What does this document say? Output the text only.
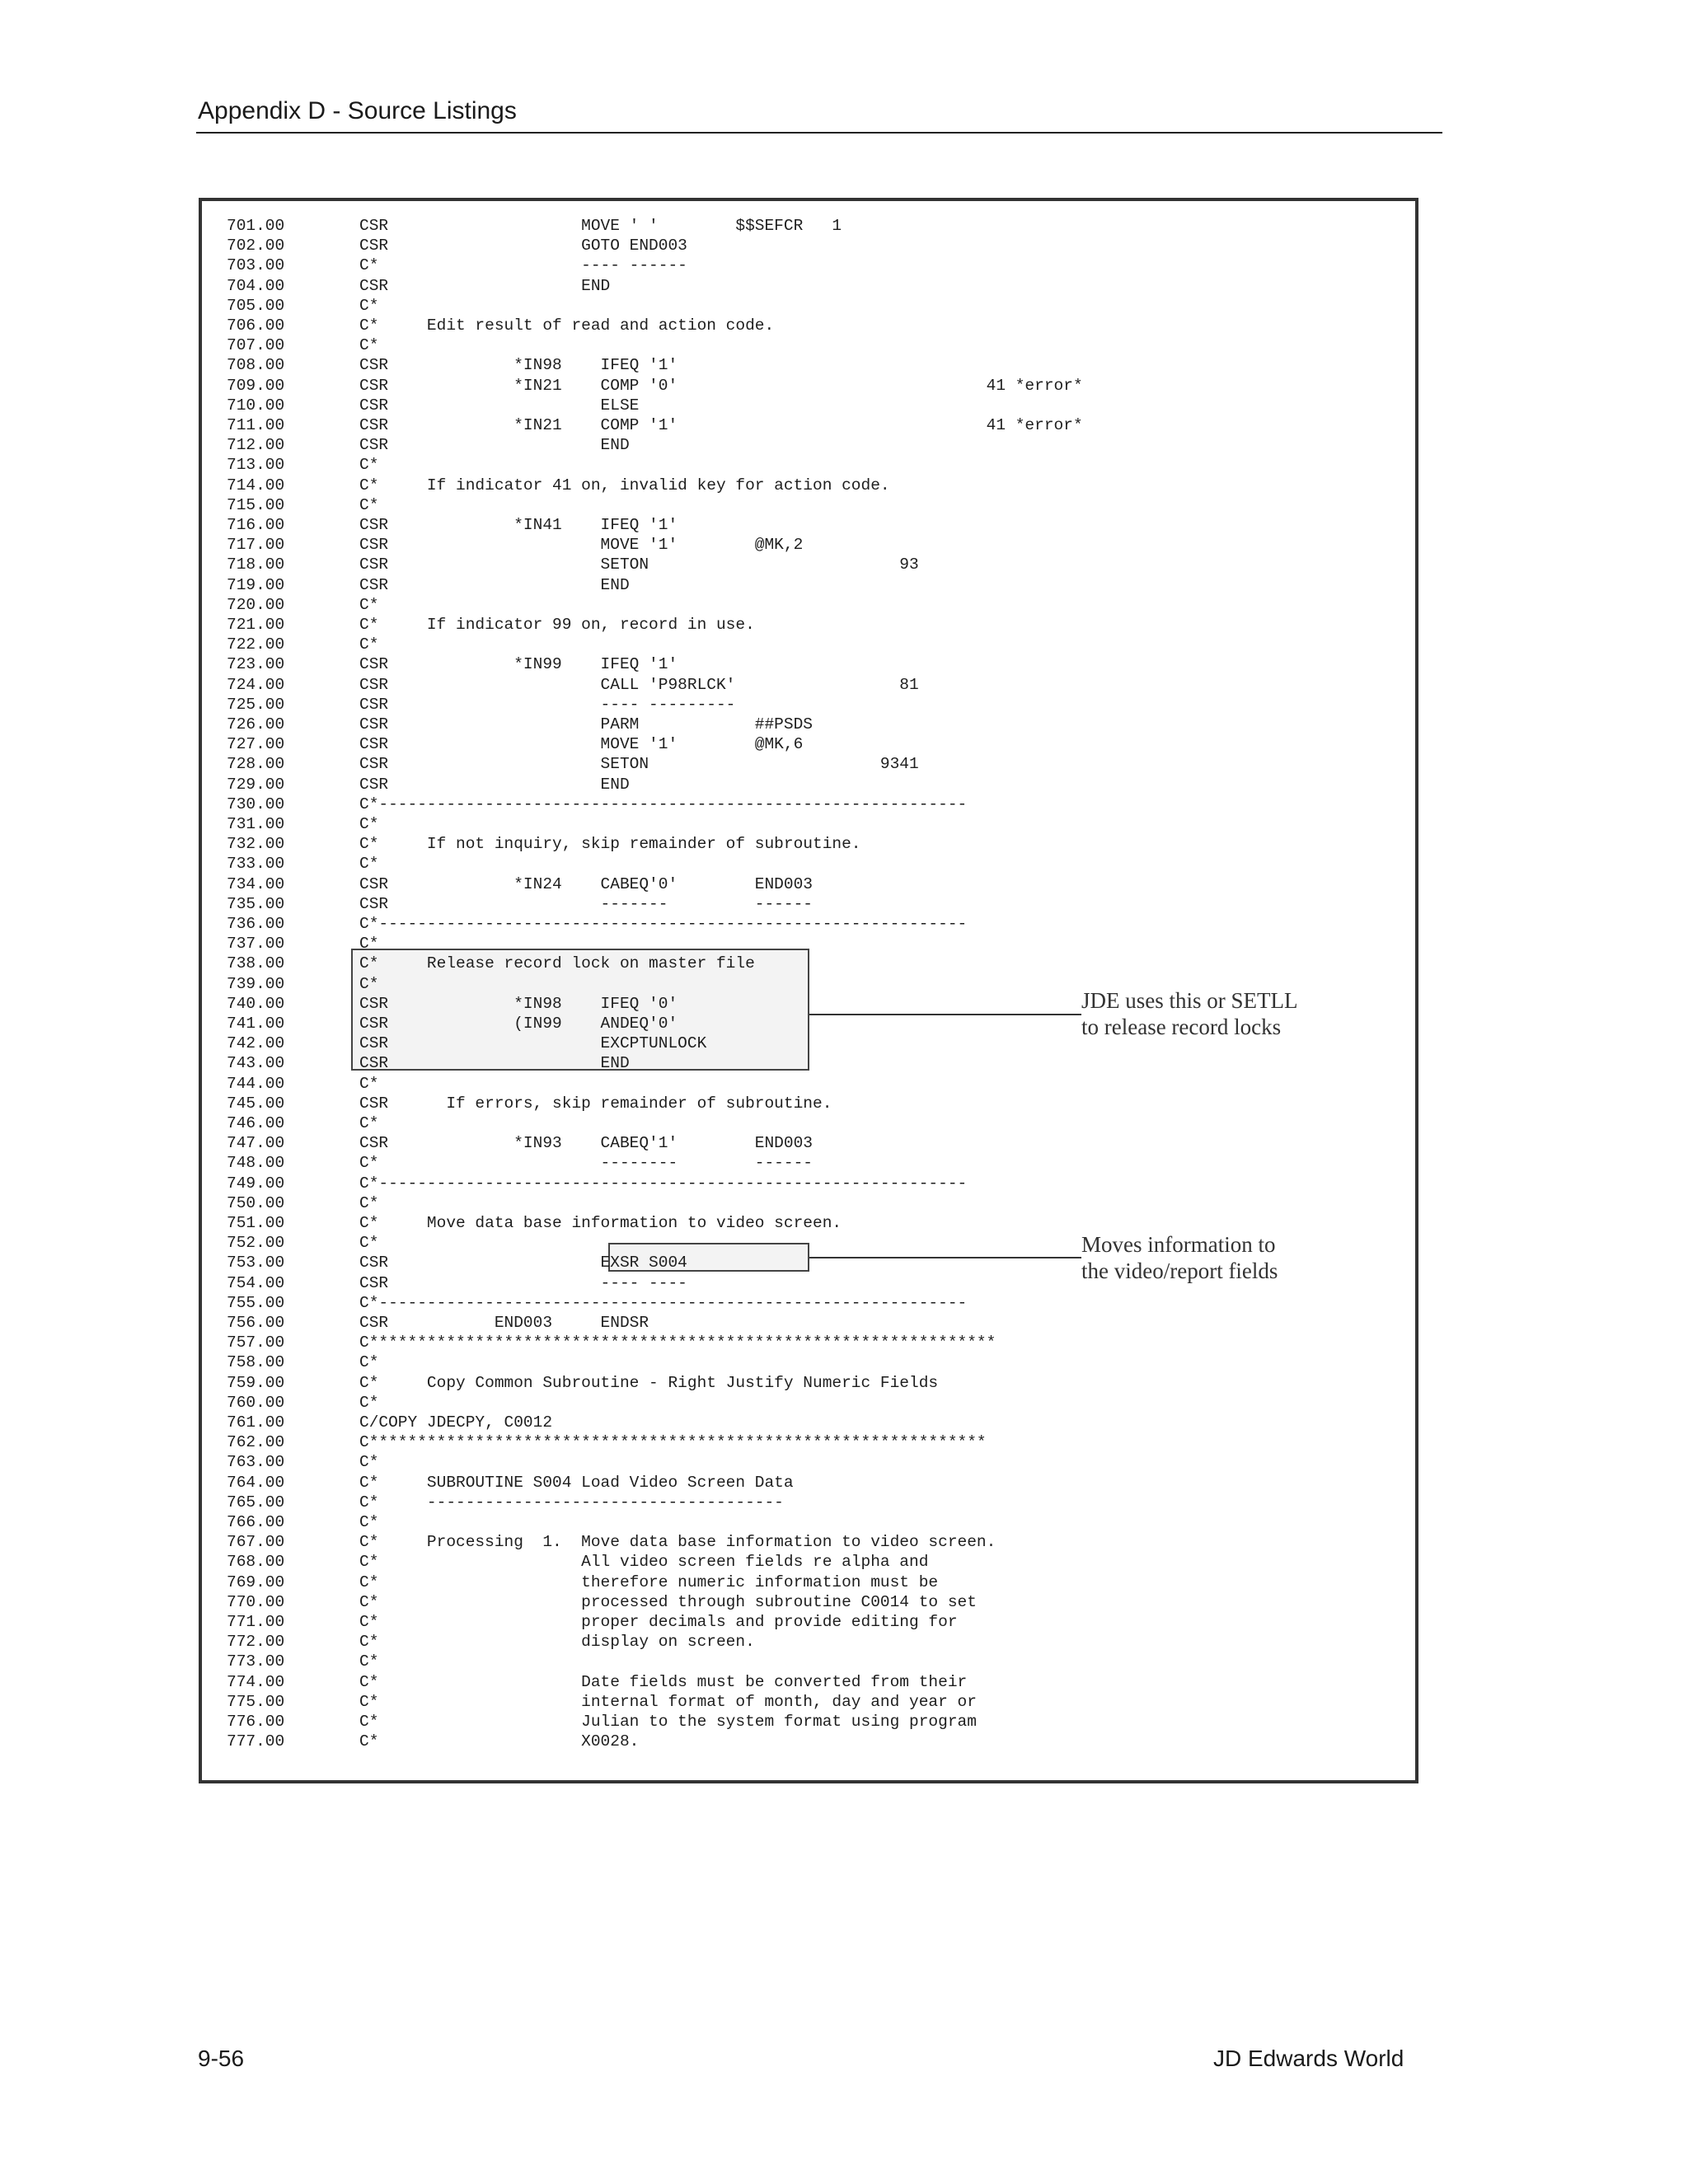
Appendix D - Source Listings
701.00	CSR                    MOVE ' '        $$SEFCR   1
702.00	CSR                    GOTO END003
703.00	C*                     ---- ------
704.00	CSR                    END
705.00	C*
706.00	C*     Edit result of read and action code.
707.00	C*
708.00	CSR             *IN98    IFEQ '1'
709.00	CSR             *IN21    COMP '0'                                41 *error*
710.00	CSR                      ELSE
711.00	CSR             *IN21    COMP '1'                                41 *error*
712.00	CSR                      END
713.00	C*
714.00	C*     If indicator 41 on, invalid key for action code.
715.00	C*
716.00	CSR             *IN41    IFEQ '1'
717.00	CSR                      MOVE '1'        @MK,2
718.00	CSR                      SETON                          93
719.00	CSR                      END
720.00	C*
721.00	C*     If indicator 99 on, record in use.
722.00	C*
723.00	CSR             *IN99    IFEQ '1'
724.00	CSR                      CALL 'P98RLCK'                 81
725.00	CSR                      ---- ---------
726.00	CSR                      PARM            ##PSDS
727.00	CSR                      MOVE '1'        @MK,6
728.00	CSR                      SETON                        9341
729.00	CSR                      END
730.00	C*-------------------------------------------------------------
731.00	C*
732.00	C*     If not inquiry, skip remainder of subroutine.
733.00	C*
734.00	CSR             *IN24    CABEQ'0'        END003
735.00	CSR                      -------         ------
736.00	C*-------------------------------------------------------------
737.00	C*
738.00	C*     Release record lock on master file
739.00	C*
740.00	CSR             *IN98    IFEQ '0'
741.00	CSR             (IN99    ANDEQ'0'
742.00	CSR                      EXCPTUNLOCK
743.00	CSR                      END
744.00	C*
745.00	CSR      If errors, skip remainder of subroutine.
746.00	C*
747.00	CSR             *IN93    CABEQ'1'        END003
748.00	C*                       --------        ------
749.00	C*-------------------------------------------------------------
750.00	C*
751.00	C*     Move data base information to video screen.
752.00	C*
753.00	CSR                      EXSR S004
754.00	CSR                      ---- ----
755.00	C*-------------------------------------------------------------
756.00	CSR           END003     ENDSR
757.00	C*****************************************************************
758.00	C*
759.00	C*     Copy Common Subroutine - Right Justify Numeric Fields
760.00	C*
761.00	C/COPY JDECPY, C0012
762.00	C****************************************************************
763.00	C*
764.00	C*     SUBROUTINE S004 Load Video Screen Data
765.00	C*     -------------------------------------
766.00	C*
767.00	C*     Processing  1.  Move data base information to video screen.
768.00	C*                     All video screen fields re alpha and
769.00	C*                     therefore numeric information must be
770.00	C*                     processed through subroutine C0014 to set
771.00	C*                     proper decimals and provide editing for
772.00	C*                     display on screen.
773.00	C*
774.00	C*                     Date fields must be converted from their
775.00	C*                     internal format of month, day and year or
776.00	C*                     Julian to the system format using program
777.00	C*                     X0028.
JDE uses this or SETLL
to release record locks
Moves information to
the video/report fields
9-56	JD Edwards World
